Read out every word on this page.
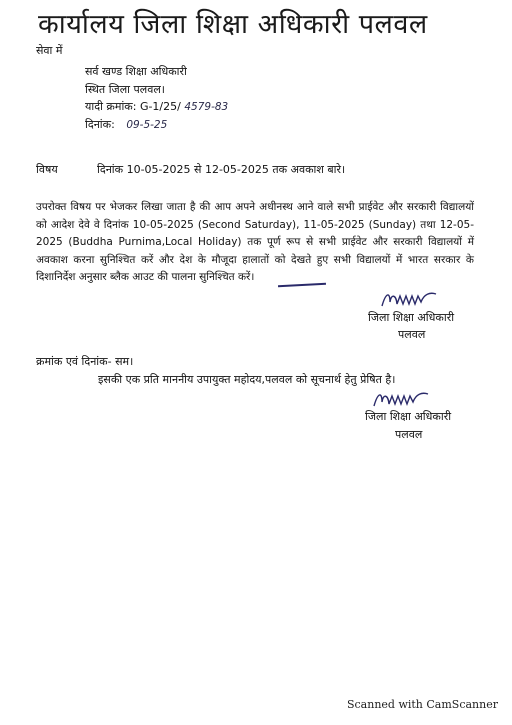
कार्यालय जिला शिक्षा अधिकारी पलवल
सेवा में
सर्व खण्ड शिक्षा अधिकारी
स्थित जिला पलवल।
यादी क्रमांक: G-1/25/ 4579-83
दिनांक: 09-5-25
विषय	दिनांक 10-05-2025 से 12-05-2025 तक अवकाश बारे।
उपरोक्त विषय पर भेजकर लिखा जाता है की आप अपने अधीनस्थ आने वाले सभी प्राईवेट और सरकारी विद्यालयों को आदेश देवे वे दिनांक 10-05-2025 (Second Saturday), 11-05-2025 (Sunday) तथा 12-05-2025 (Buddha Purnima,Local Holiday) तक पूर्ण रूप से सभी प्राईवेट और सरकारी विद्यालयों में अवकाश करना सुनिश्चित करें और देश के मौजूदा हालातों को देखते हुए सभी विद्यालयों में भारत सरकार के दिशानिर्देश अनुसार ब्लैक आउट की पालना सुनिश्चित करें।
जिला शिक्षा अधिकारी
पलवल
क्रमांक एवं दिनांक- सम।
इसकी एक प्रति माननीय उपायुक्त महोदय,पलवल को सूचनार्थ हेतु प्रेषित है।
जिला शिक्षा अधिकारी
पलवल
Scanned with CamScanner
